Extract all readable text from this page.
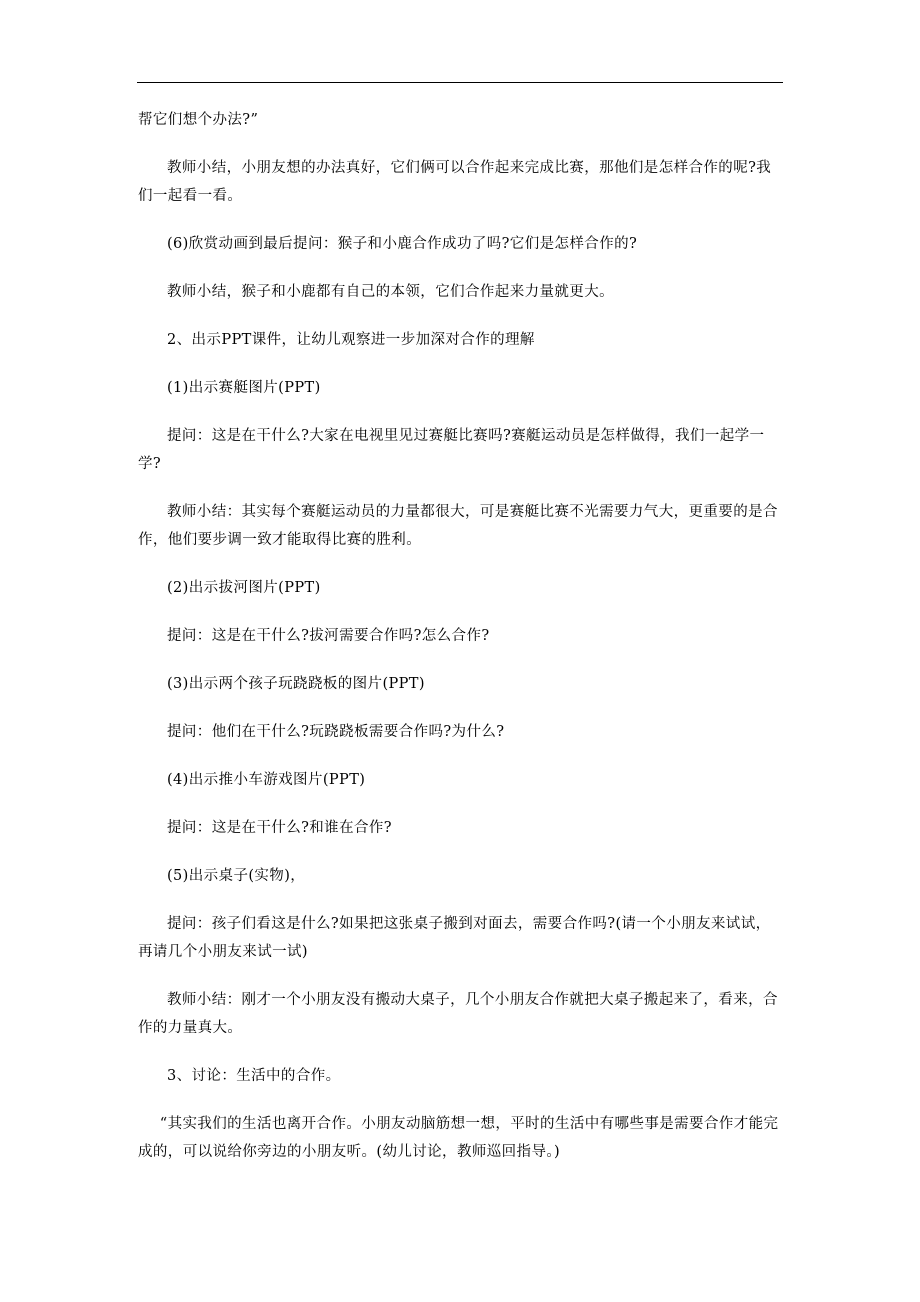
帮它们想个办法?”

教师小结，小朋友想的办法真好，它们俩可以合作起来完成比赛，那他们是怎样合作的呢?我们一起看一看。

(6)欣赏动画到最后提问：猴子和小鹿合作成功了吗?它们是怎样合作的?

教师小结，猴子和小鹿都有自己的本领，它们合作起来力量就更大。

2、出示PPT课件，让幼儿观察进一步加深对合作的理解

(1)出示赛艇图片(PPT)

提问：这是在干什么?大家在电视里见过赛艇比赛吗?赛艇运动员是怎样做得，我们一起学一学?

教师小结：其实每个赛艇运动员的力量都很大，可是赛艇比赛不光需要力气大，更重要的是合作，他们要步调一致才能取得比赛的胜利。

(2)出示拔河图片(PPT)

提问：这是在干什么?拔河需要合作吗?怎么合作?

(3)出示两个孩子玩跷跷板的图片(PPT)

提问：他们在干什么?玩跷跷板需要合作吗?为什么?

(4)出示推小车游戏图片(PPT)

提问：这是在干什么?和谁在合作?

(5)出示桌子(实物)，

提问：孩子们看这是什么?如果把这张桌子搬到对面去，需要合作吗?(请一个小朋友来试试，再请几个小朋友来试一试)

教师小结：刚才一个小朋友没有搬动大桌子，几个小朋友合作就把大桌子搬起来了，看来，合作的力量真大。

3、讨论：生活中的合作。

“其实我们的生活也离开合作。小朋友动脑筋想一想，平时的生活中有哪些事是需要合作才能完成的，可以说给你旁边的小朋友听。(幼儿讨论，教师巡回指导。)
